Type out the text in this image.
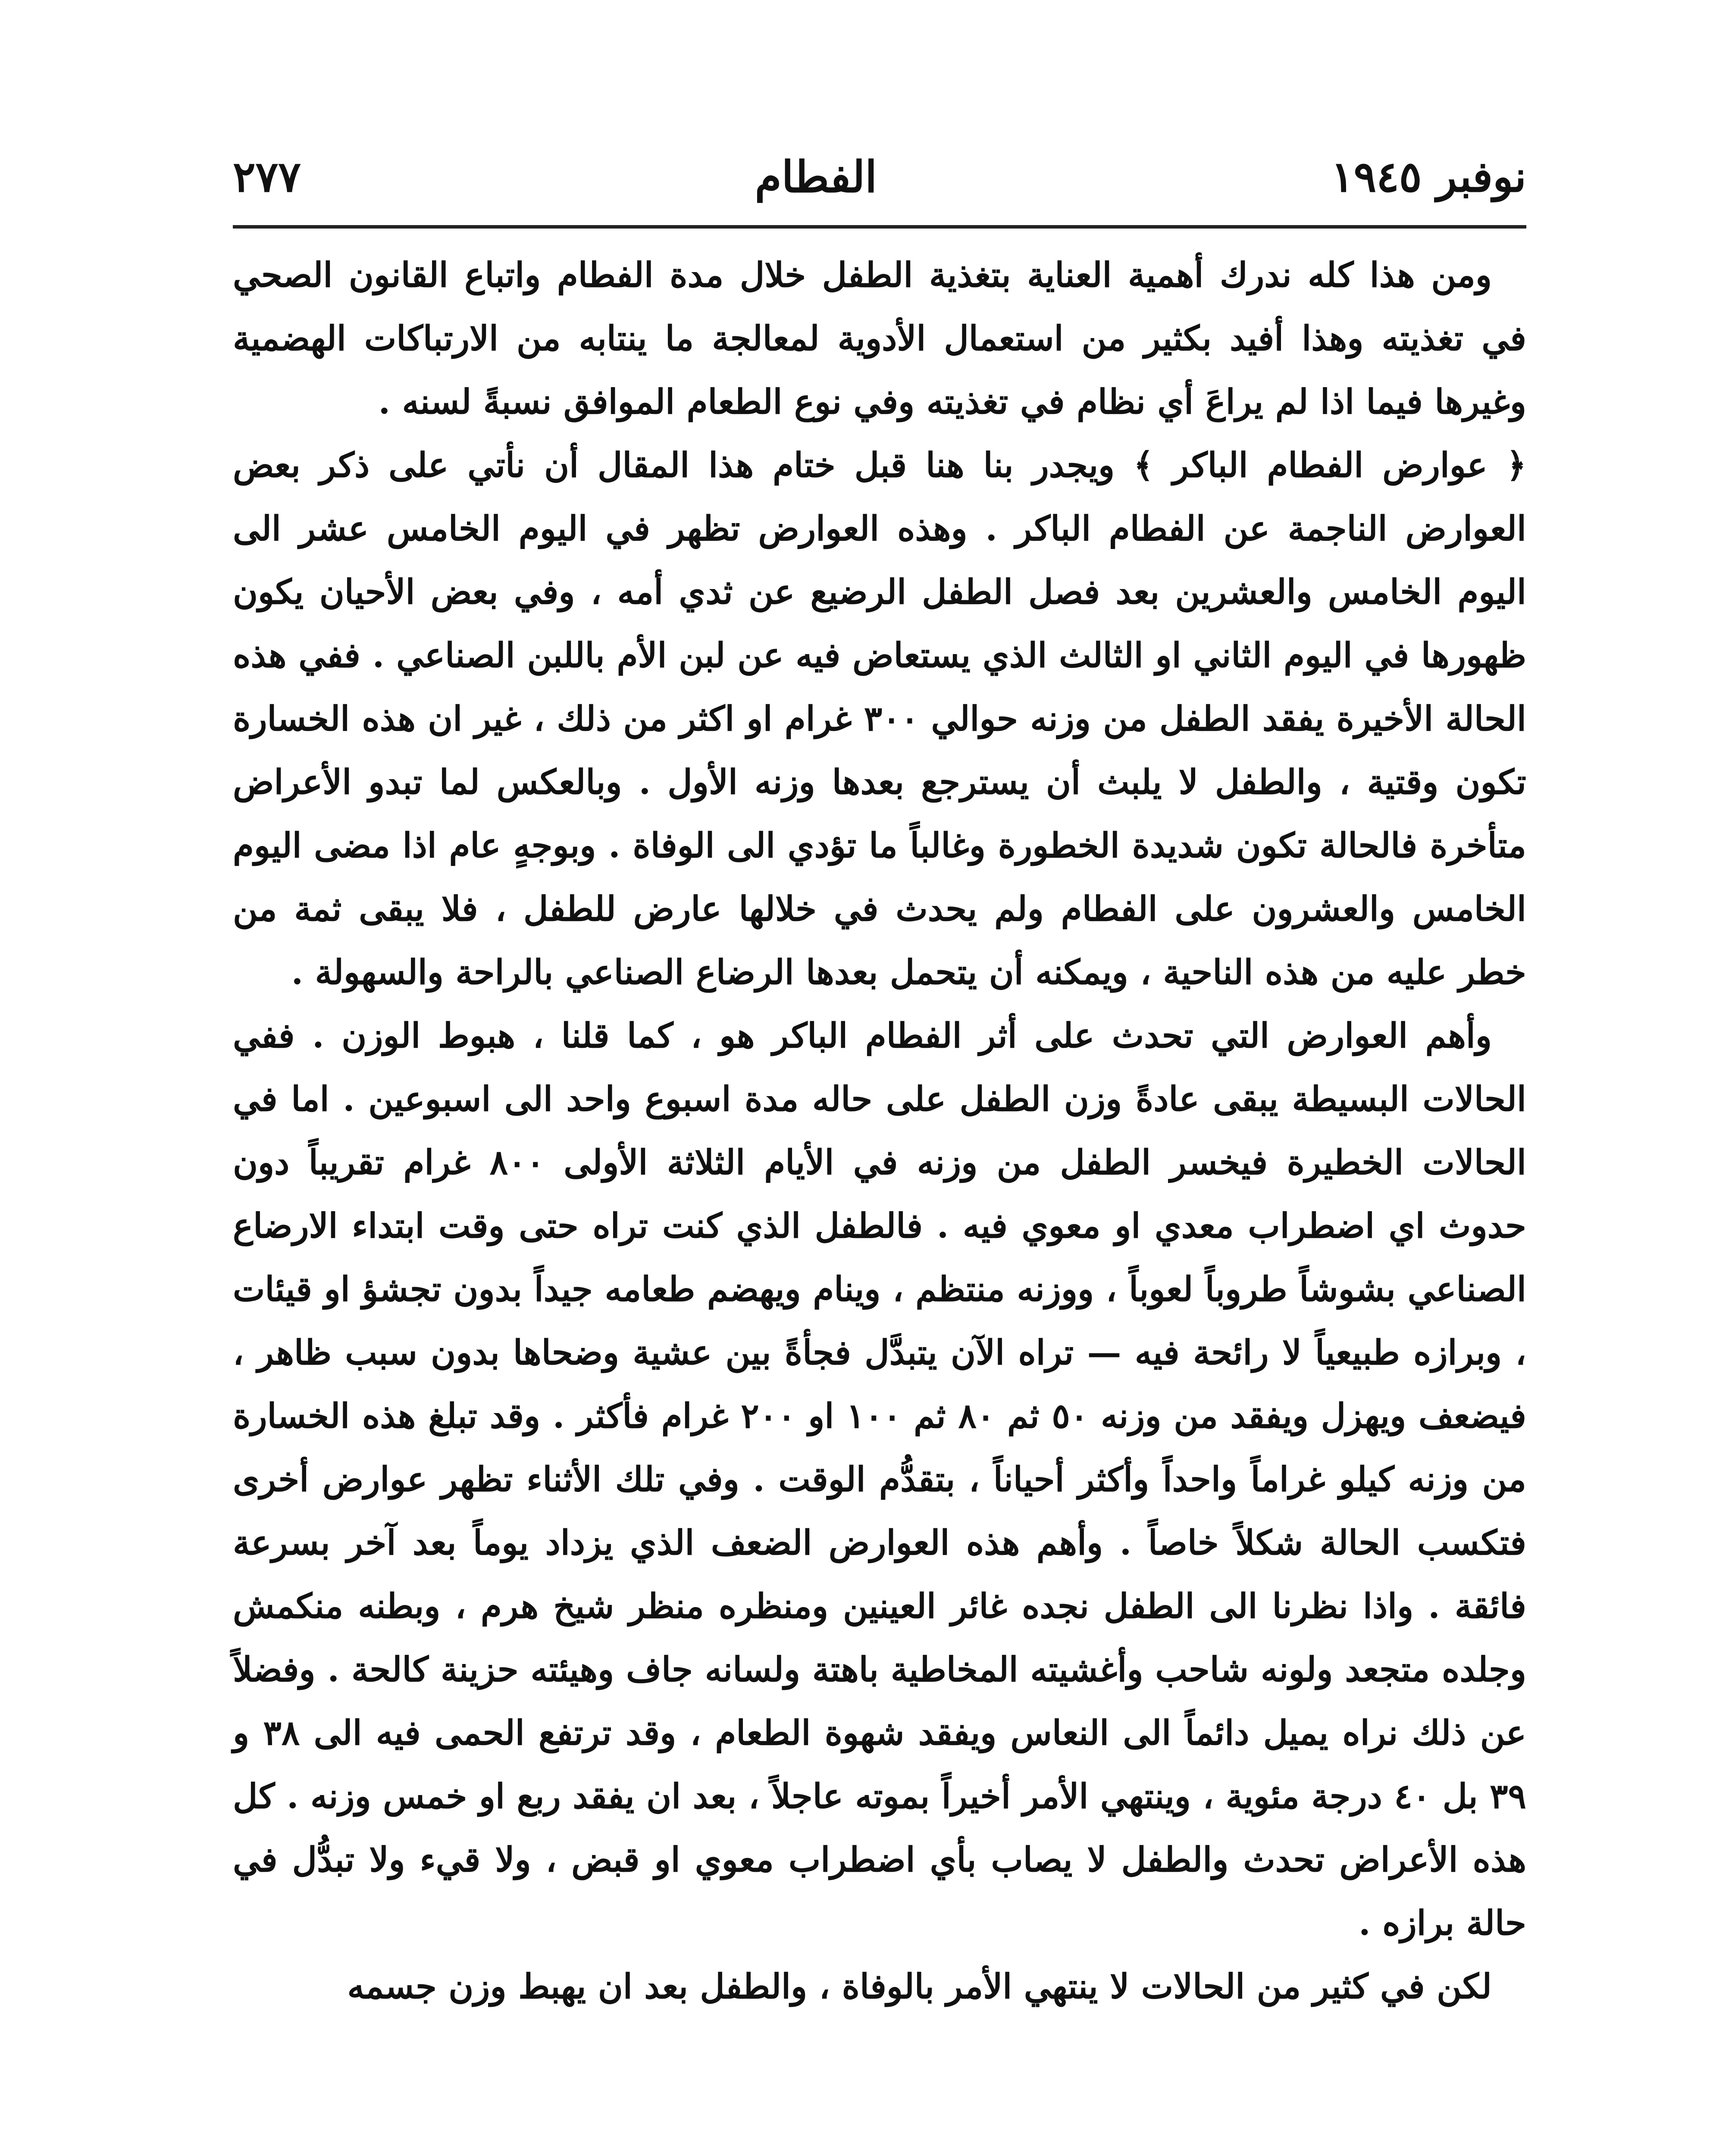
نوفبر ١٩٤٥
الفطام
٢٧٧

ومن هذا كله ندرك أهمية العناية بتغذية الطفل خلال مدة الفطام واتباع القانون الصحي في تغذيته وهذا أفيد بكثير من استعمال الأدوية لمعالجة ما ينتابه من الارتباكات الهضمية وغيرها فيما اذا لم يراعَ أي نظام في تغذيته وفي نوع الطعام الموافق نسبةً لسنه .

﴿ عوارض الفطام الباكر ﴾ ويجدر بنا هنا قبل ختام هذا المقال أن نأتي على ذكر بعض العوارض الناجمة عن الفطام الباكر . وهذه العوارض تظهر في اليوم الخامس عشر الى اليوم الخامس والعشرين بعد فصل الطفل الرضيع عن ثدي أمه ، وفي بعض الأحيان يكون ظهورها في اليوم الثاني او الثالث الذي يستعاض فيه عن لبن الأم باللبن الصناعي . ففي هذه الحالة الأخيرة يفقد الطفل من وزنه حوالي ٣٠٠ غرام او اكثر من ذلك ، غير ان هذه الخسارة تكون وقتية ، والطفل لا يلبث أن يسترجع بعدها وزنه الأول . وبالعكس لما تبدو الأعراض متأخرة فالحالة تكون شديدة الخطورة وغالباً ما تؤدي الى الوفاة . وبوجهٍ عام اذا مضى اليوم الخامس والعشرون على الفطام ولم يحدث في خلالها عارض للطفل ، فلا يبقى ثمة من خطر عليه من هذه الناحية ، ويمكنه أن يتحمل بعدها الرضاع الصناعي بالراحة والسهولة .

وأهم العوارض التي تحدث على أثر الفطام الباكر هو ، كما قلنا ، هبوط الوزن . ففي الحالات البسيطة يبقى عادةً وزن الطفل على حاله مدة اسبوع واحد الى اسبوعين . اما في الحالات الخطيرة فيخسر الطفل من وزنه في الأيام الثلاثة الأولى ٨٠٠ غرام تقريباً دون حدوث اي اضطراب معدي او معوي فيه . فالطفل الذي كنت تراه حتى وقت ابتداء الارضاع الصناعي بشوشاً طروباً لعوباً ، ووزنه منتظم ، وينام ويهضم طعامه جيداً بدون تجشؤ او قيئات ، وبرازه طبيعياً لا رائحة فيه — تراه الآن يتبدَّل فجأةً بين عشية وضحاها بدون سبب ظاهر ، فيضعف ويهزل ويفقد من وزنه ٥٠ ثم ٨٠ ثم ١٠٠ او ٢٠٠ غرام فأكثر . وقد تبلغ هذه الخسارة من وزنه كيلو غراماً واحداً وأكثر أحياناً ، بتقدُّم الوقت . وفي تلك الأثناء تظهر عوارض أخرى فتكسب الحالة شكلاً خاصاً . وأهم هذه العوارض الضعف الذي يزداد يوماً بعد آخر بسرعة فائقة . واذا نظرنا الى الطفل نجده غائر العينين ومنظره منظر شيخ هرم ، وبطنه منكمش وجلده متجعد ولونه شاحب وأغشيته المخاطية باهتة ولسانه جاف وهيئته حزينة كالحة . وفضلاً عن ذلك نراه يميل دائماً الى النعاس ويفقد شهوة الطعام ، وقد ترتفع الحمى فيه الى ٣٨ و ٣٩ بل ٤٠ درجة مئوية ، وينتهي الأمر أخيراً بموته عاجلاً ، بعد ان يفقد ربع او خمس وزنه . كل هذه الأعراض تحدث والطفل لا يصاب بأي اضطراب معوي او قبض ، ولا قيء ولا تبدُّل في حالة برازه .

لكن في كثير من الحالات لا ينتهي الأمر بالوفاة ، والطفل بعد ان يهبط وزن جسمه
